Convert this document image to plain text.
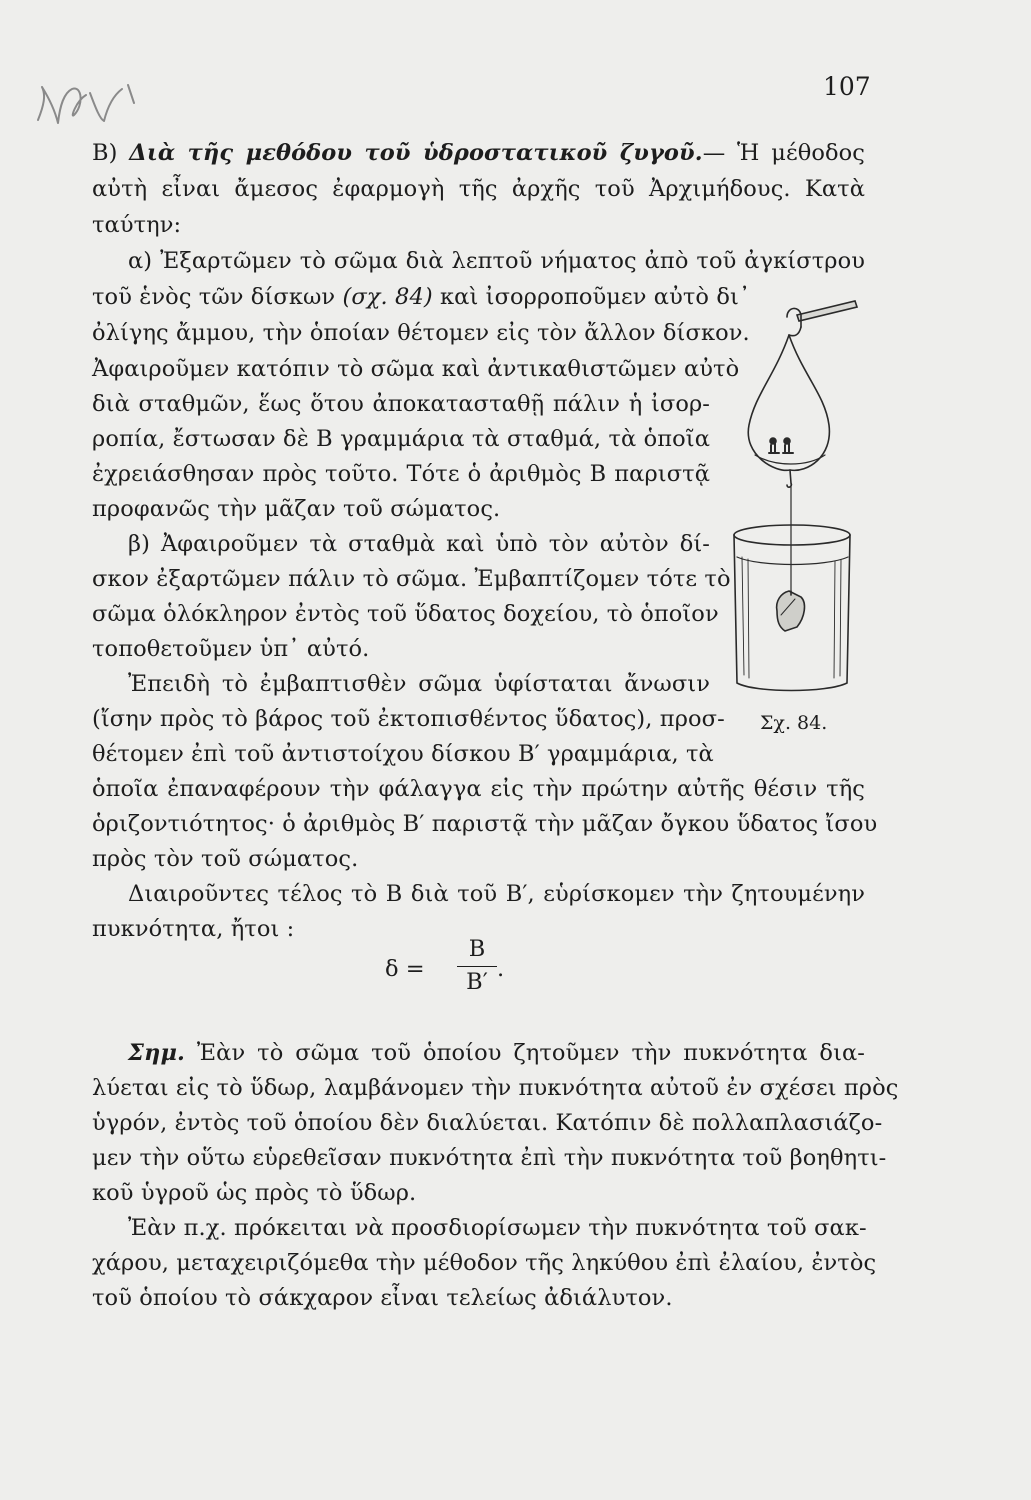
107
Β) Διὰ τῆς μεθόδου τοῦ ὑδροστατικοῦ ζυγοῦ.— Ἡ μέθοδος
αὐτὴ εἶναι ἄμεσος ἐφαρμογὴ τῆς ἀρχῆς τοῦ Ἀρχιμήδους. Κατὰ
ταύτην:
α) Ἐξαρτῶμεν τὸ σῶμα διὰ λεπτοῦ νήματος ἀπὸ τοῦ ἀγκίστρου
τοῦ ἑνὸς τῶν δίσκων (σχ. 84) καὶ ἰσορροποῦμεν αὐτὸ δι᾿
ὀλίγης ἄμμου, τὴν ὁποίαν θέτομεν εἰς τὸν ἄλλον δίσκον.
Ἀφαιροῦμεν κατόπιν τὸ σῶμα καὶ ἀντικαθιστῶμεν αὐτὸ
διὰ σταθμῶν, ἕως ὅτου ἀποκατασταθῇ πάλιν ἡ ἰσορ-
ροπία, ἔστωσαν δὲ Β γραμμάρια τὰ σταθμά, τὰ ὁποῖα
ἐχρειάσθησαν πρὸς τοῦτο. Τότε ὁ ἀριθμὸς Β παριστᾷ
προφανῶς τὴν μᾶζαν τοῦ σώματος.
β) Ἀφαιροῦμεν τὰ σταθμὰ καὶ ὑπὸ τὸν αὐτὸν δί-
σκον ἐξαρτῶμεν πάλιν τὸ σῶμα. Ἐμβαπτίζομεν τότε τὸ
σῶμα ὁλόκληρον ἐντὸς τοῦ ὕδατος δοχείου, τὸ ὁποῖον
τοποθετοῦμεν ὑπ᾿ αὐτό.
Ἐπειδὴ τὸ ἐμβαπτισθὲν σῶμα ὑφίσταται ἄνωσιν
(ἴσην πρὸς τὸ βάρος τοῦ ἐκτοπισθέντος ὕδατος), προσ-
θέτομεν ἐπὶ τοῦ ἀντιστοίχου δίσκου Β′ γραμμάρια, τὰ
ὁποῖα ἐπαναφέρουν τὴν φάλαγγα εἰς τὴν πρώτην αὐτῆς θέσιν τῆς
ὁριζοντιότητος· ὁ ἀριθμὸς Β′ παριστᾷ τὴν μᾶζαν ὄγκου ὕδατος ἴσου
πρὸς τὸν τοῦ σώματος.
Διαιροῦντες τέλος τὸ Β διὰ τοῦ Β′, εὑρίσκομεν τὴν ζητουμένην
πυκνότητα, ἤτοι :
δ =
Β
Β′ .
Σημ. Ἐὰν τὸ σῶμα τοῦ ὁποίου ζητοῦμεν τὴν πυκνότητα δια-
λύεται εἰς τὸ ὕδωρ, λαμβάνομεν τὴν πυκνότητα αὐτοῦ ἐν σχέσει πρὸς
ὑγρόν, ἐντὸς τοῦ ὁποίου δὲν διαλύεται. Κατόπιν δὲ πολλαπλασιάζο-
μεν τὴν οὕτω εὑρεθεῖσαν πυκνότητα ἐπὶ τὴν πυκνότητα τοῦ βοηθητι-
κοῦ ὑγροῦ ὡς πρὸς τὸ ὕδωρ.
Ἐὰν π.χ. πρόκειται νὰ προσδιορίσωμεν τὴν πυκνότητα τοῦ σακ-
χάρου, μεταχειριζόμεθα τὴν μέθοδον τῆς ληκύθου ἐπὶ ἐλαίου, ἐντὸς
τοῦ ὁποίου τὸ σάκχαρον εἶναι τελείως ἀδιάλυτον.
Σχ. 84.
